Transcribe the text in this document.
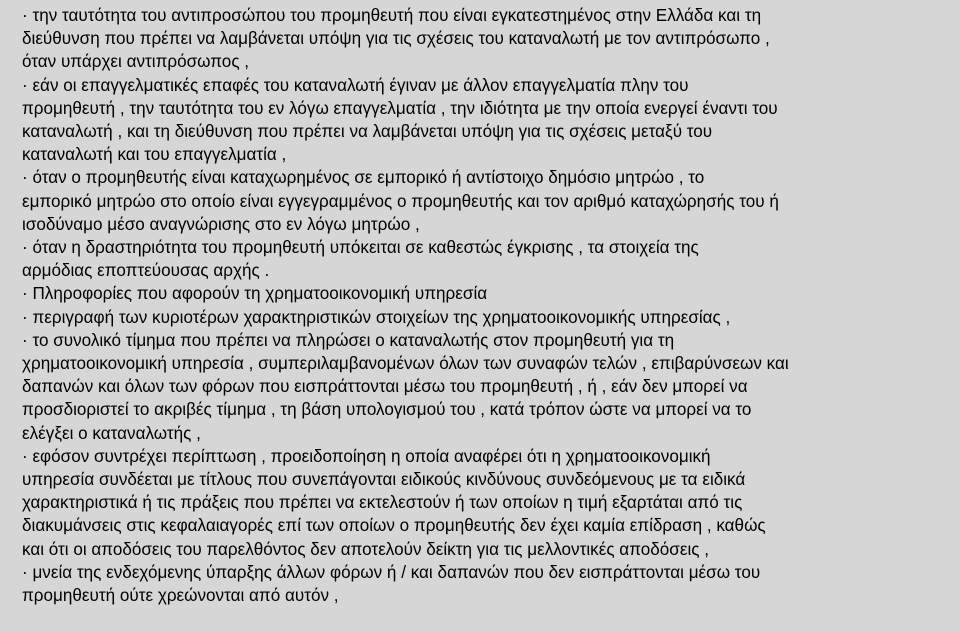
· την ταυτότητα του αντιπροσώπου του προμηθευτή που είναι εγκατεστημένος στην Ελλάδα και τη
διεύθυνση που πρέπει να λαμβάνεται υπόψη για τις σχέσεις του καταναλωτή με τον αντιπρόσωπο ,
όταν υπάρχει αντιπρόσωπος ,
· εάν οι επαγγελματικές επαφές του καταναλωτή έγιναν με άλλον επαγγελματία πλην του
προμηθευτή , την ταυτότητα του εν λόγω επαγγελματία , την ιδιότητα με την οποία ενεργεί έναντι του
καταναλωτή , και τη διεύθυνση που πρέπει να λαμβάνεται υπόψη για τις σχέσεις μεταξύ του
καταναλωτή και του επαγγελματία ,
· όταν ο προμηθευτής είναι καταχωρημένος σε εμπορικό ή αντίστοιχο δημόσιο μητρώο , το
εμπορικό μητρώο στο οποίο είναι εγγεγραμμένος ο προμηθευτής και τον αριθμό καταχώρησής του ή
ισοδύναμο μέσο αναγνώρισης στο εν λόγω μητρώο ,
· όταν η δραστηριότητα του προμηθευτή υπόκειται σε καθεστώς έγκρισης , τα στοιχεία της
αρμόδιας εποπτεύουσας αρχής .
· Πληροφορίες που αφορούν τη χρηματοοικονομική υπηρεσία
· περιγραφή των κυριοτέρων χαρακτηριστικών στοιχείων της χρηματοοικονομικής υπηρεσίας ,
· το συνολικό τίμημα που πρέπει να πληρώσει ο καταναλωτής στον προμηθευτή για τη
χρηματοοικονομική υπηρεσία , συμπεριλαμβανομένων όλων των συναφών τελών , επιβαρύνσεων και
δαπανών και όλων των φόρων που εισπράττονται μέσω του προμηθευτή , ή , εάν δεν μπορεί να
προσδιοριστεί το ακριβές τίμημα , τη βάση υπολογισμού του , κατά τρόπον ώστε να μπορεί να το
ελέγξει ο καταναλωτής ,
· εφόσον συντρέχει περίπτωση , προειδοποίηση η οποία αναφέρει ότι η χρηματοοικονομική
υπηρεσία συνδέεται με τίτλους που συνεπάγονται ειδικούς κινδύνους συνδεόμενους με τα ειδικά
χαρακτηριστικά ή τις πράξεις που πρέπει να εκτελεστούν ή των οποίων η τιμή εξαρτάται από τις
διακυμάνσεις στις κεφαλαιαγορές επί των οποίων ο προμηθευτής δεν έχει καμία επίδραση , καθώς
και ότι οι αποδόσεις του παρελθόντος δεν αποτελούν δείκτη για τις μελλοντικές αποδόσεις ,
· μνεία της ενδεχόμενης ύπαρξης άλλων φόρων ή / και δαπανών που δεν εισπράττονται μέσω του
προμηθευτή ούτε χρεώνονται από αυτόν ,
